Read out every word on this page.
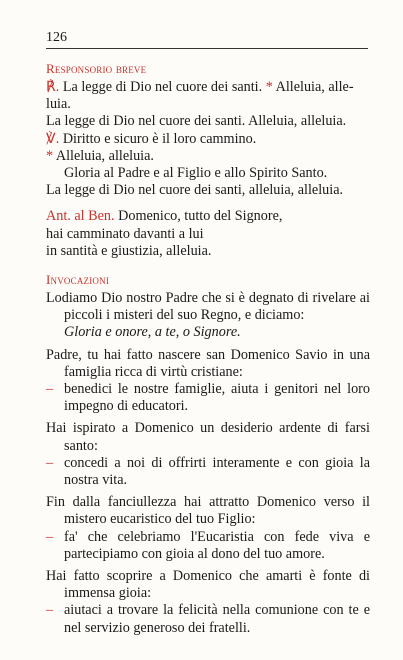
126
Responsorio breve

℟. La legge di Dio nel cuore dei santi. * Alleluia, alle-
luia.

La legge di Dio nel cuore dei santi. Alleluia, alleluia.

℣. Diritto e sicuro è il loro cammino.

* Alleluia, alleluia.

Gloria al Padre e al Figlio e allo Spirito Santo.

La legge di Dio nel cuore dei santi, alleluia, alleluia.

Ant. al Ben. Domenico, tutto del Signore,

hai camminato davanti a lui

in santità e giustizia, alleluia.

Invocazioni

Lodiamo Dio nostro Padre che si è degnato di rivelare ai piccoli i misteri del suo Regno, e diciamo:

Gloria e onore, a te, o Signore.

Padre, tu hai fatto nascere san Domenico Savio in una famiglia ricca di virtù cristiane:

– benedici le nostre famiglie, aiuta i genitori nel loro impegno di educatori.

Hai ispirato a Domenico un desiderio ardente di farsi santo:

– concedi a noi di offrirti interamente e con gioia la nostra vita.

Fin dalla fanciullezza hai attratto Domenico verso il mistero eucaristico del tuo Figlio:

– fa' che celebriamo l'Eucaristia con fede viva e partecipiamo con gioia al dono del tuo amore.

Hai fatto scoprire a Domenico che amarti è fonte di immensa gioia:

– aiutaci a trovare la felicità nella comunione con te e nel servizio generoso dei fratelli.
